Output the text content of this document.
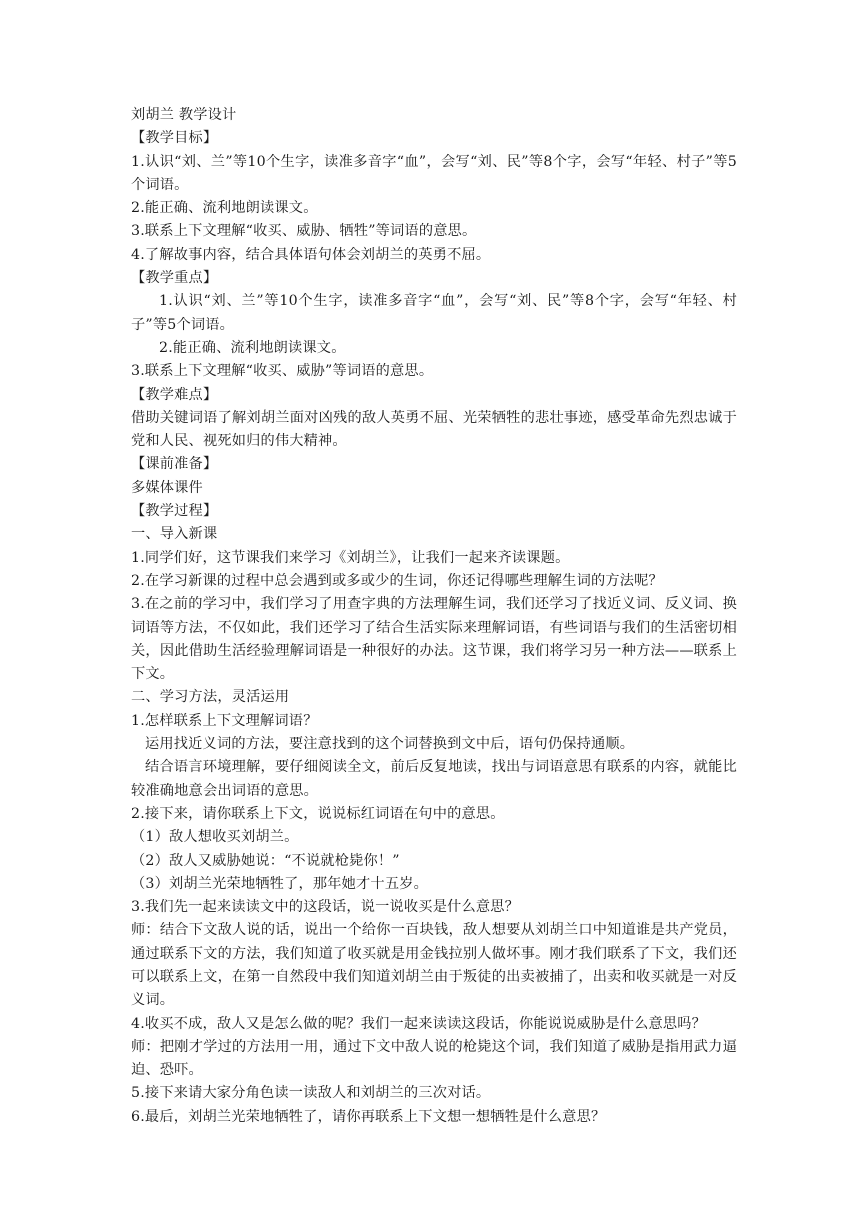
刘胡兰 教学设计

【教学目标】

1.认识“刘、兰”等10个生字，读准多音字“血”，会写“刘、民”等8个字，会写“年轻、村子”等5个词语。

2.能正确、流利地朗读课文。

3.联系上下文理解“收买、威胁、牺牲”等词语的意思。

4.了解故事内容，结合具体语句体会刘胡兰的英勇不屈。

【教学重点】

1.认识“刘、兰”等10个生字，读准多音字“血”，会写“刘、民”等8个字，会写“年轻、村子”等5个词语。

2.能正确、流利地朗读课文。

3.联系上下文理解“收买、威胁”等词语的意思。

【教学难点】

借助关键词语了解刘胡兰面对凶残的敌人英勇不屈、光荣牺牲的悲壮事迹，感受革命先烈忠诚于党和人民、视死如归的伟大精神。

【课前准备】

多媒体课件

【教学过程】

一、导入新课

1.同学们好，这节课我们来学习《刘胡兰》，让我们一起来齐读课题。

2.在学习新课的过程中总会遇到或多或少的生词，你还记得哪些理解生词的方法呢？

3.在之前的学习中，我们学习了用查字典的方法理解生词，我们还学习了找近义词、反义词、换词语等方法，不仅如此，我们还学习了结合生活实际来理解词语，有些词语与我们的生活密切相关，因此借助生活经验理解词语是一种很好的办法。这节课，我们将学习另一种方法——联系上下文。

二、学习方法，灵活运用

1.怎样联系上下文理解词语？

运用找近义词的方法，要注意找到的这个词替换到文中后，语句仍保持通顺。

结合语言环境理解，要仔细阅读全文，前后反复地读，找出与词语意思有联系的内容，就能比较准确地意会出词语的意思。

2.接下来，请你联系上下文，说说标红词语在句中的意思。

（1）敌人想收买刘胡兰。

（2）敌人又威胁她说：“不说就枪毙你！”

（3）刘胡兰光荣地牺牲了，那年她才十五岁。

3.我们先一起来读读文中的这段话，说一说收买是什么意思？

师：结合下文敌人说的话，说出一个给你一百块钱，敌人想要从刘胡兰口中知道谁是共产党员，通过联系下文的方法，我们知道了收买就是用金钱拉别人做坏事。刚才我们联系了下文，我们还可以联系上文，在第一自然段中我们知道刘胡兰由于叛徒的出卖被捕了，出卖和收买就是一对反义词。

4.收买不成，敌人又是怎么做的呢？我们一起来读读这段话，你能说说威胁是什么意思吗？

师：把刚才学过的方法用一用，通过下文中敌人说的枪毙这个词，我们知道了威胁是指用武力逼迫、恐吓。

5.接下来请大家分角色读一读敌人和刘胡兰的三次对话。

6.最后，刘胡兰光荣地牺牲了，请你再联系上下文想一想牺牲是什么意思？
